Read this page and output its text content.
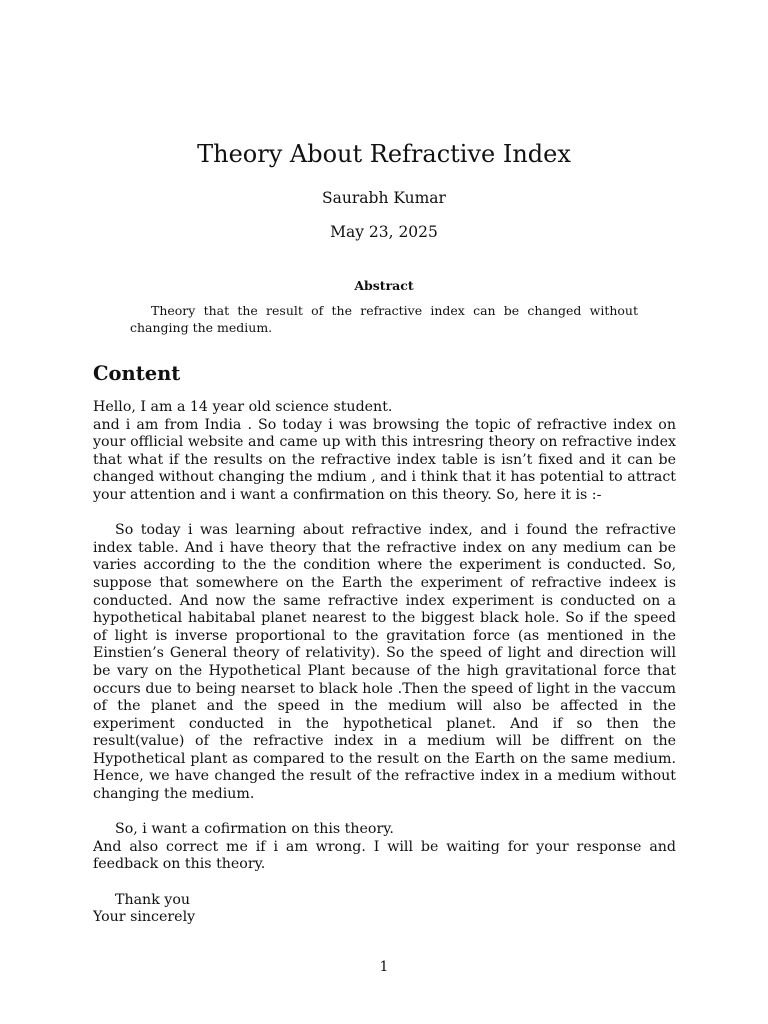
Theory About Refractive Index
Saurabh Kumar
May 23, 2025
Abstract
Theory that the result of the refractive index can be changed without changing the medium.
Content

Hello, I am a 14 year old science student.

and i am from India . So today i was browsing the topic of refractive index on your offlicial website and came up with this intresring theory on refractive index that what if the results on the refractive index table is isn’t fixed and it can be changed without changing the mdium , and i think that it has potential to attract your attention and i want a confirmation on this theory. So, here it is :-

So today i was learning about refractive index, and i found the refractive index table. And i have theory that the refractive index on any medium can be varies according to the the condition where the experiment is conducted. So, suppose that somewhere on the Earth the experiment of refractive indeex is conducted. And now the same refractive index experiment is conducted on a hypothetical habitabal planet nearest to the biggest black hole. So if the speed of light is inverse proportional to the gravitation force (as mentioned in the Einstien’s General theory of relativity). So the speed of light and direction will be vary on the Hypothetical Plant because of the high gravitational force that occurs due to being nearset to black hole .Then the speed of light in the vaccum of the planet and the speed in the medium will also be affected in the experiment conducted in the hypothetical planet. And if so then the result(value) of the refractive index in a medium will be diffrent on the Hypothetical plant as compared to the result on the Earth on the same medium. Hence, we have changed the result of the refractive index in a medium without changing the medium.

So, i want a cofirmation on this theory.

And also correct me if i am wrong. I will be waiting for your response and feedback on this theory.

Thank you

Your sincerely

1
